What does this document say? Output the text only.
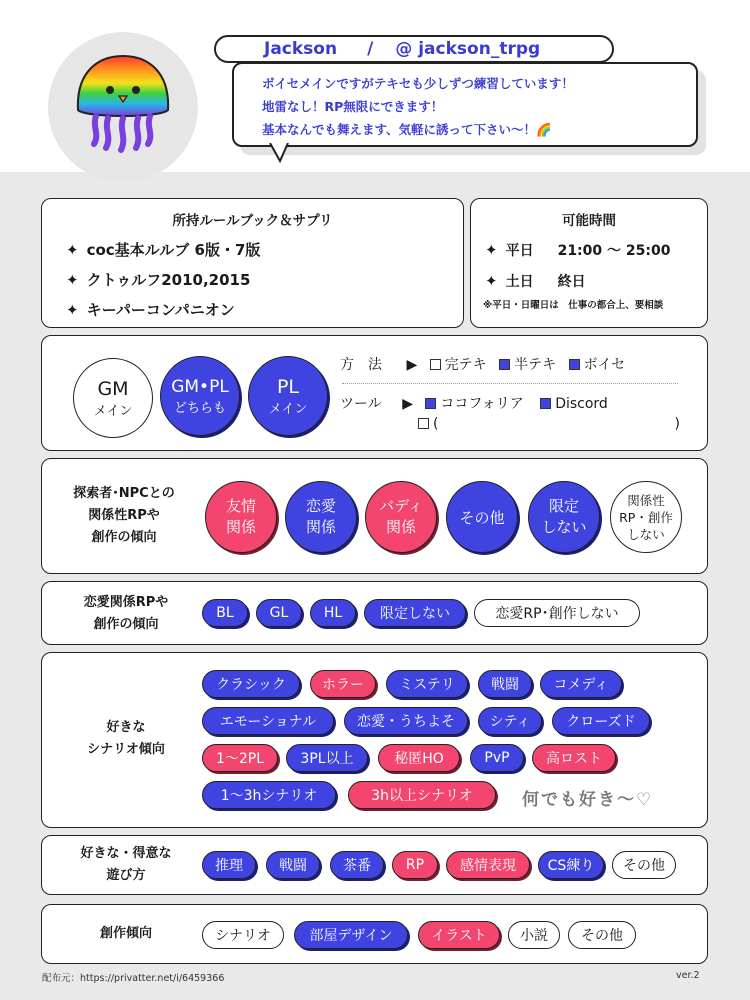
Jackson / @ jackson_trpg
ボイセメインですがテキセも少しずつ練習しています！
地雷なし！RP無限にできます！
基本なんでも舞えます、気軽に誘って下さい～！🌈
所持ルールブック＆サプリ
✦ coc基本ルルブ 6版・7版
✦ クトゥルフ2010,2015
✦ キーパーコンパニオン
可能時間
✦ 平日 21:00 ～ 25:00
✦ 土日 終日
※平日・日曜日は　仕事の都合上、要相談
GM
メイン
GM•PL
どちらも
PL
メイン
方　法 ▶ 完テキ 半テキ ボイセ
ツール ▶ ココフォリア Discord
(	)
探索者･NPCとの
関係性RPや
創作の傾向
友情
関係
恋愛
関係
バディ
関係
その他
限定
しない
関係性
RP・創作
しない
恋愛関係RPや
創作の傾向
BL	GL	HL	限定しない	恋愛RP･創作しない
好きな
シナリオ傾向
クラシック	ホラー	ミステリ	戦闘	コメディ
エモーショナル	恋愛・うちよそ	シティ	クローズド
1～2PL	3PL以上	秘匿HO	PvP	高ロスト
1～3hシナリオ	3h以上シナリオ	何でも好き～♡
好きな・得意な
遊び方
推理	戦闘	茶番	RP	感情表現	CS練り	その他
創作傾向	シナリオ	部屋デザイン	イラスト	小説	その他
配布元：https://privatter.net/i/6459366	ver.2
